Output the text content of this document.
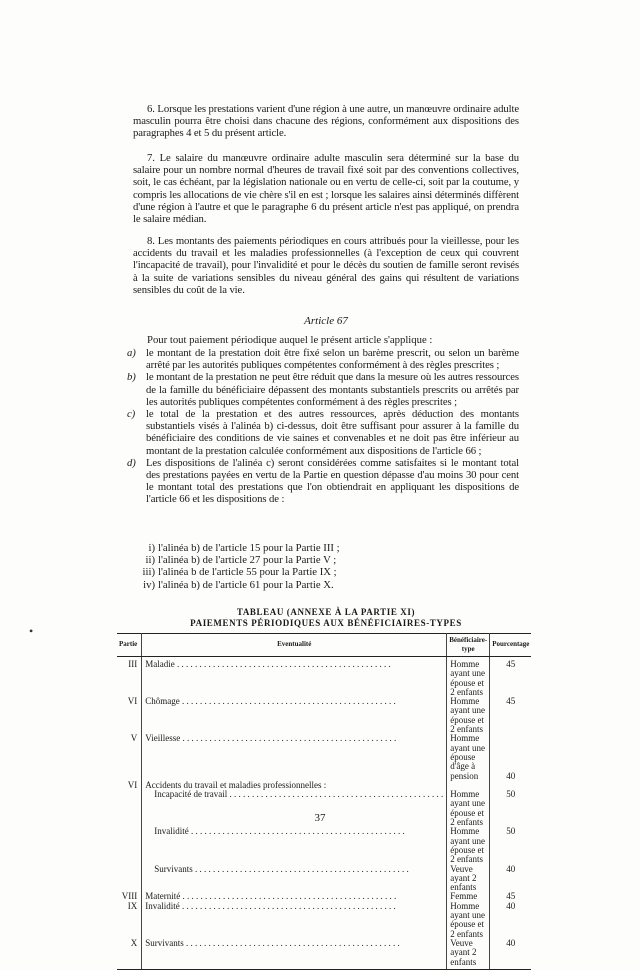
•

6. Lorsque les prestations varient d'une région à une autre, un manœuvre ordinaire adulte masculin pourra être choisi dans chacune des régions, conformément aux dispositions des paragraphes 4 et 5 du présent article.

7. Le salaire du manœuvre ordinaire adulte masculin sera déterminé sur la base du salaire pour un nombre normal d'heures de travail fixé soit par des conventions collectives, soit, le cas échéant, par la législation nationale ou en vertu de celle-ci, soit par la coutume, y compris les allocations de vie chère s'il en est ; lorsque les salaires ainsi déterminés diffèrent d'une région à l'autre et que le paragraphe 6 du présent article n'est pas appliqué, on prendra le salaire médian.

8. Les montants des paiements périodiques en cours attribués pour la vieillesse, pour les accidents du travail et les maladies professionnelles (à l'exception de ceux qui couvrent l'incapacité de travail), pour l'invalidité et pour le décès du soutien de famille seront revisés à la suite de variations sensibles du niveau général des gains qui résultent de variations sensibles du coût de la vie.

Article 67

Pour tout paiement périodique auquel le présent article s'applique :

a) le montant de la prestation doit être fixé selon un barème prescrit, ou selon un barème arrêté par les autorités publiques compétentes conformément à des règles prescrites ;
b) le montant de la prestation ne peut être réduit que dans la mesure où les autres ressources de la famille du bénéficiaire dépassent des montants substantiels prescrits ou arrêtés par les autorités publiques compétentes conformément à des règles prescrites ;
c) le total de la prestation et des autres ressources, après déduction des montants substantiels visés à l'alinéa b) ci-dessus, doit être suffisant pour assurer à la famille du bénéficiaire des conditions de vie saines et convenables et ne doit pas être inférieur au montant de la prestation calculée conformément aux dispositions de l'article 66 ;
d) Les dispositions de l'alinéa c) seront considérées comme satisfaites si le montant total des prestations payées en vertu de la Partie en question dépasse d'au moins 30 pour cent le montant total des prestations que l'on obtiendrait en appliquant les dispositions de l'article 66 et les dispositions de :
i) l'alinéa b) de l'article 15 pour la Partie III ;
ii) l'alinéa b) de l'article 27 pour la Partie V ;
iii) l'alinéa b de l'article 55 pour la Partie IX ;
iv) l'alinéa b) de l'article 61 pour la Partie X.
TABLEAU (ANNEXE À LA PARTIE XI)
PAIEMENTS PÉRIODIQUES AUX BÉNÉFICIAIRES-TYPES
Partie	Eventualité	Bénéficiaire-type	Pourcentage
III	Maladie . . .	Homme ayant une épouse et 2 enfants	45
VI	Chômage . . .	Homme ayant une épouse et 2 enfants	45
V	Vieillesse . . .	Homme ayant une épouse d'âge à pension	40
VI	Accidents du travail et maladies professionnelles :		

	Incapacité de travail . . .	Homme ayant une épouse et 2 enfants	50

	Invalidité . . .	Homme ayant une épouse et 2 enfants	50

	Survivants . . .	Veuve ayant 2 enfants	40
VIII	Maternité . . .	Femme	45
IX	Invalidité . . .	Homme ayant une épouse et 2 enfants	40
X	Survivants . . .	Veuve ayant 2 enfants	40
37
